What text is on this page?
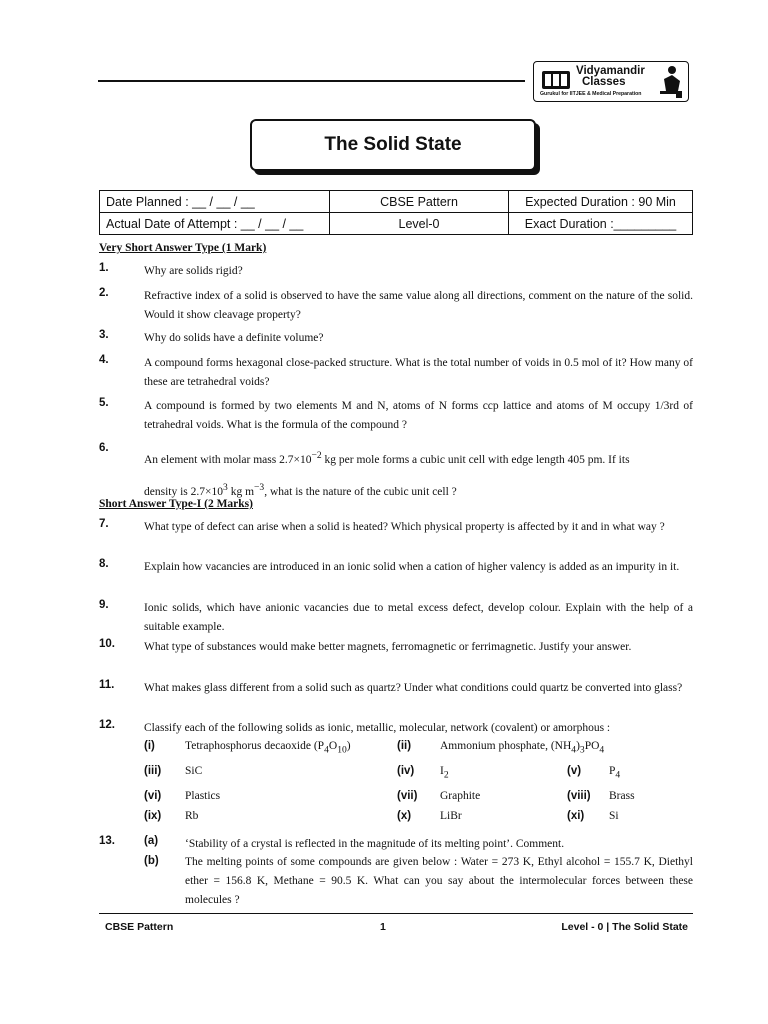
Vidyamandir
Classes
Gurukul for IITJEE & Medical Preparation
The Solid State
Date Planned : __ / __ / __	CBSE Pattern	Expected Duration : 90 Min
Actual Date of Attempt : __ / __ / __	Level-0	Exact Duration :_________
Very Short Answer Type (1 Mark)
1.	Why are solids rigid?
2.	Refractive index of a solid is observed to have the same value along all directions, comment on the nature of the solid. Would it show cleavage property?
3.	Why do solids have a definite volume?
4.	A compound forms hexagonal close-packed structure. What is the total number of voids in 0.5 mol of it? How many of these are tetrahedral voids?
5.	A compound is formed by two elements M and N, atoms of N forms ccp lattice and atoms of M occupy 1/3rd of tetrahedral voids. What is the formula of the compound ?
6.
An element with molar mass $2.7\times 10^{-2}$ kg per mole forms a cubic unit cell with edge length 405 pm. If its
density is $2.7\times 10^3$ kg $m^{-3}$, what is the nature of the cubic unit cell ?
Short Answer Type-I (2 Marks)
7.	What type of defect can arise when a solid is heated? Which physical property is affected by it and in what way ?
8.	Explain how vacancies are introduced in an ionic solid when a cation of higher valency is added as an impurity in it.
9.	Ionic solids, which have anionic vacancies due to metal excess defect, develop colour. Explain with the help of a suitable example.
10.	What type of substances would make better magnets, ferromagnetic or ferrimagnetic. Justify your answer.
11.	What makes glass different from a solid such as quartz? Under what conditions could quartz be converted into glass?
12.	Classify each of the following solids as ionic, metallic, molecular, network (covalent) or amorphous :
(i)	Tetraphosphorus decaoxide $(P_4O_{10})$	(ii)	Ammonium phosphate, $(NH_4)_3PO_4$
(iii) SiC	(iv) $I_2$	(v) $P_4$
(vi) Plastics	(vii) Graphite	(viii) Brass
(ix) Rb	(x)	LiBr	(xi) Si
13.	(a) ‘Stability of a crystal is reflected in the magnitude of its melting point’. Comment.
(b) The melting points of some compounds are given below : Water = 273 K, Ethyl alcohol = 155.7 K, Diethyl ether = 156.8 K, Methane = 90.5 K. What can you say about the intermolecular forces between these molecules ?
CBSE Pattern	1	Level - 0 | The Solid State
